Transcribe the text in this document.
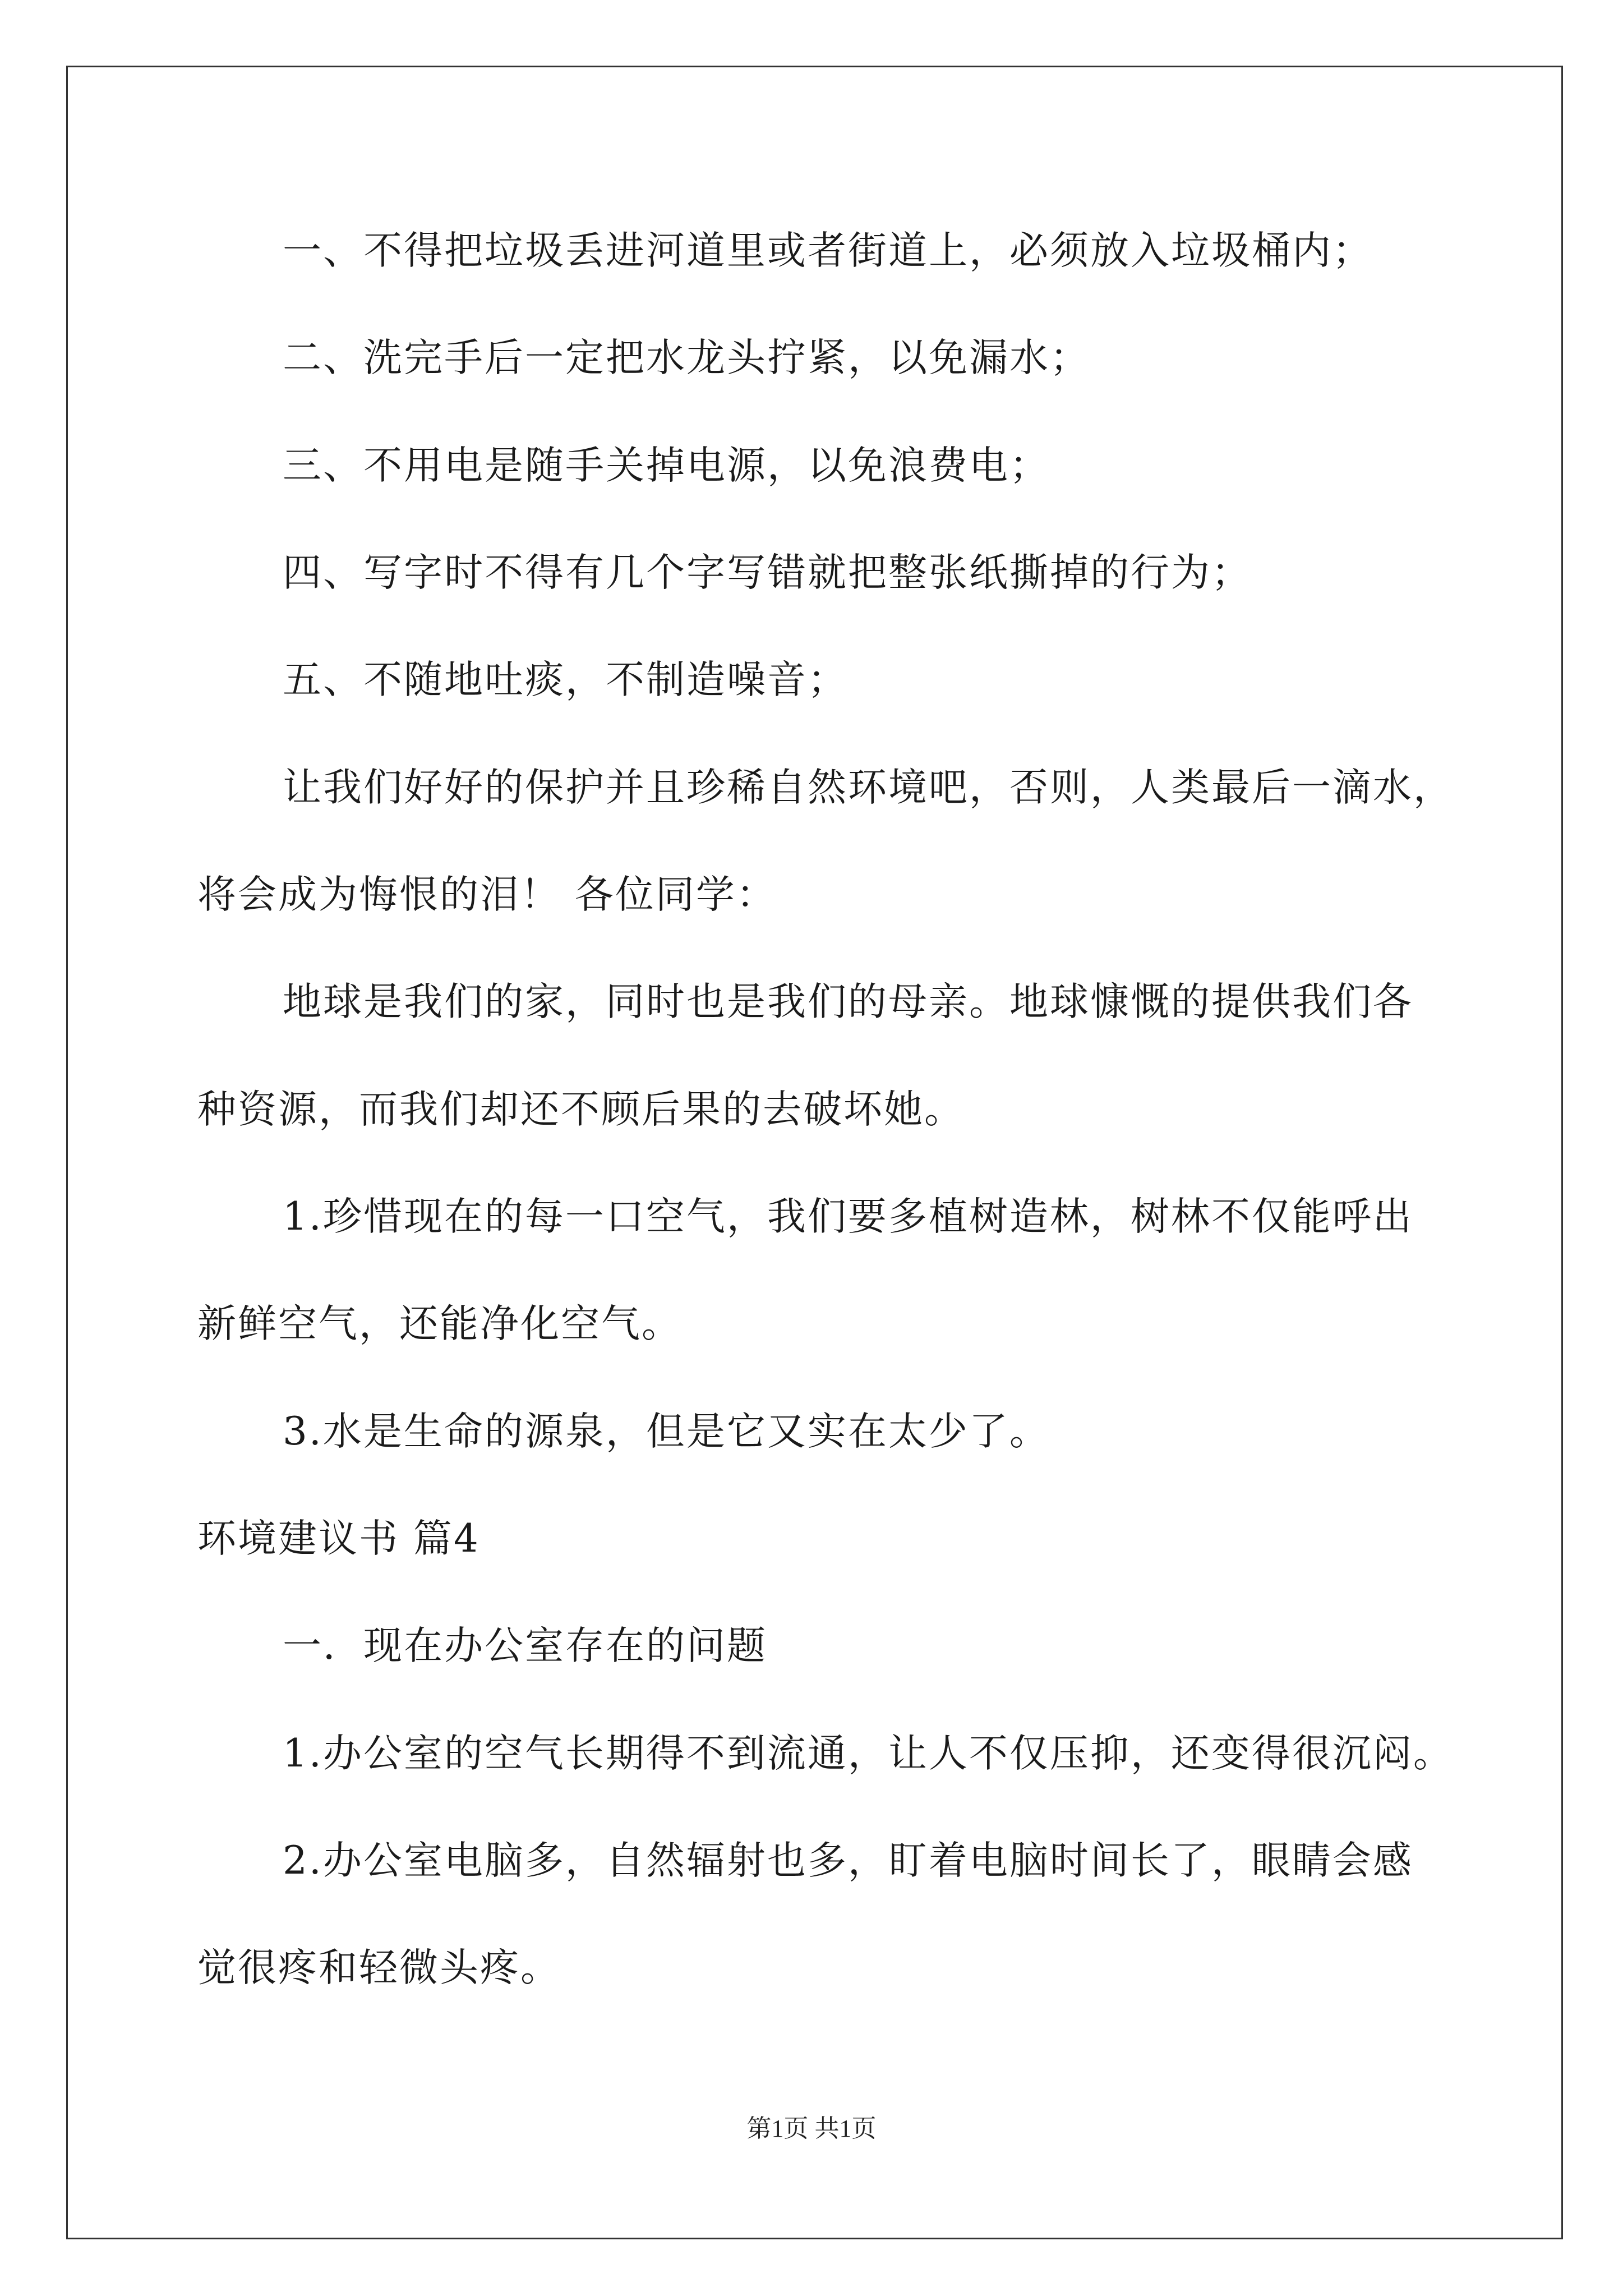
一、不得把垃圾丢进河道里或者街道上，必须放入垃圾桶内；
二、洗完手后一定把水龙头拧紧，以免漏水；
三、不用电是随手关掉电源，以免浪费电；
四、写字时不得有几个字写错就把整张纸撕掉的行为；
五、不随地吐痰，不制造噪音；
让我们好好的保护并且珍稀自然环境吧，否则，人类最后一滴水，
将会成为悔恨的泪！ 各位同学：
地球是我们的家，同时也是我们的母亲。地球慷慨的提供我们各
种资源，而我们却还不顾后果的去破坏她。
1.珍惜现在的每一口空气，我们要多植树造林，树林不仅能呼出
新鲜空气，还能净化空气。
3.水是生命的源泉，但是它又实在太少了。
环境建议书 篇4
一．现在办公室存在的问题
1.办公室的空气长期得不到流通，让人不仅压抑，还变得很沉闷。
2.办公室电脑多，自然辐射也多，盯着电脑时间长了，眼睛会感
觉很疼和轻微头疼。
第1页 共1页
